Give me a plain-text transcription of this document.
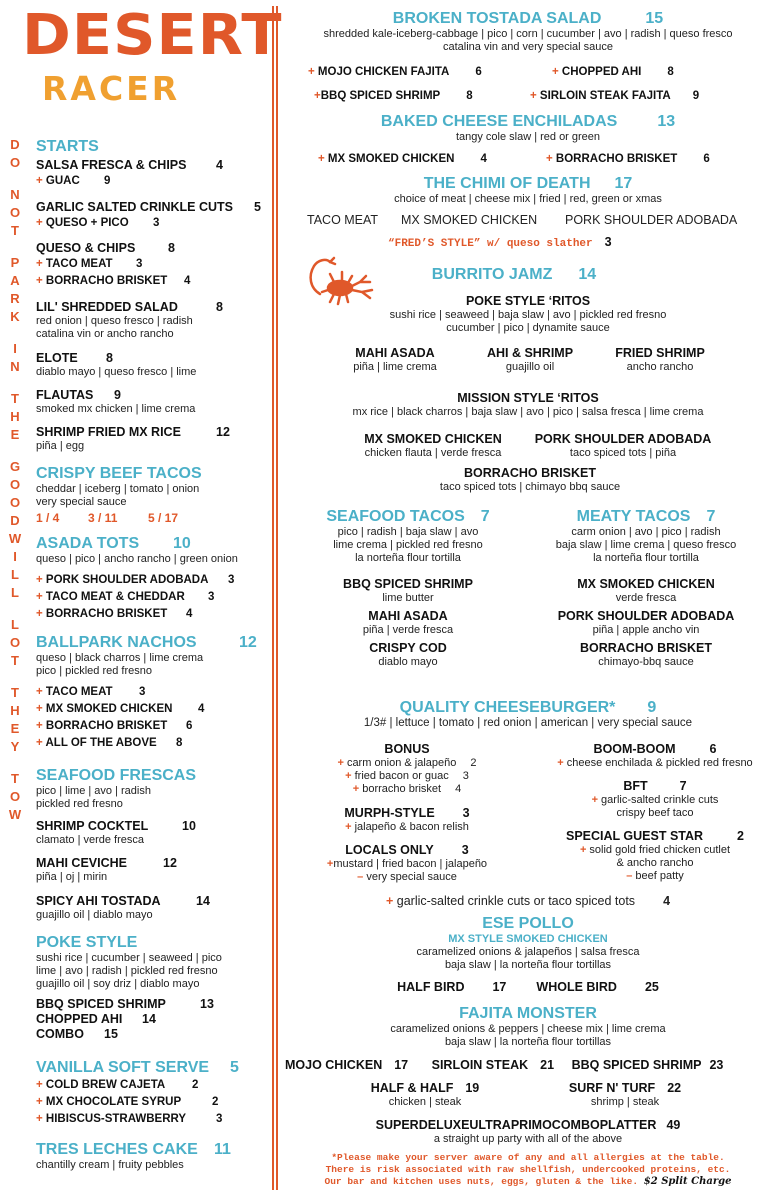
DESERT
RACER
D
O
N
O
T
P
A
R
K
I
N
T
H
E
G
O
O
D
W
I
L
L
L
O
T
T
H
E
Y
T
O
W
STARTS
SALSA FRESCA & CHIPS 4
+ GUAC 9
GARLIC SALTED CRINKLE CUTS 5
+ QUESO + PICO 3
QUESO & CHIPS	8
+ TACO MEAT 3
+ BORRACHO BRISKET 4
LIL' SHREDDED SALAD	8
red onion | queso fresco | radish
catalina vin or ancho rancho
ELOTE 8
diablo mayo | queso fresco | lime
FLAUTAS 9
smoked mx chicken | lime crema
SHRIMP FRIED MX RICE	12
piña | egg
CRISPY BEEF TACOS
cheddar | iceberg | tomato | onion
very special sauce
1 / 4 3 / 11	5 / 17
ASADA TOTS 10
queso | pico | ancho rancho | green onion
+ PORK SHOULDER ADOBADA 3
+ TACO MEAT & CHEDDAR 3
+ BORRACHO BRISKET 4
BALLPARK NACHOS	12
queso | black charros | lime crema
pico | pickled red fresno
+ TACO MEAT 3
+ MX SMOKED CHICKEN 4
+ BORRACHO BRISKET 6
+ ALL OF THE ABOVE 8
SEAFOOD FRESCAS
pico | lime | avo | radish
pickled red fresno
SHRIMP COCKTEL	10
clamato | verde fresca
MAHI CEVICHE	12
piña | oj | mirin
SPICY AHI TOSTADA	14
guajillo oil | diablo mayo
POKE STYLE
sushi rice | cucumber | seaweed | pico
lime | avo | radish | pickled red fresno
guajillo oil | soy driz | diablo mayo
BBQ SPICED SHRIMP	13
CHOPPED AHI 14
COMBO 15
VANILLA SOFT SERVE 5
+ COLD BREW CAJETA 2
+ MX CHOCOLATE SYRUP	2
+ HIBISCUS-STRAWBERRY	3
TRES LECHES CAKE 11
chantilly cream | fruity pebbles
BROKEN TOSTADA SALAD	15
shredded kale-iceberg-cabbage | pico | corn | cucumber | avo | radish | queso fresco
catalina vin and very special sauce
+ MOJO CHICKEN FAJITA 6	+ CHOPPED AHI 8
+BBQ SPICED SHRIMP 8	+ SIRLOIN STEAK FAJITA 9
BAKED CHEESE ENCHILADAS	13
tangy cole slaw | red or green
+ MX SMOKED CHICKEN 4	+ BORRACHO BRISKET 6
THE CHIMI OF DEATH 17
choice of meat | cheese mix | fried | red, green or xmas
TACO MEAT MX SMOKED CHICKEN PORK SHOULDER ADOBADA
“FRED’S STYLE” w/ queso slather 3
BURRITO JAMZ 14
POKE STYLE ‘RITOS
sushi rice | seaweed | baja slaw | avo | pickled red fresno
cucumber | pico | dynamite sauce
MAHI ASADA
piña | lime crema
AHI & SHRIMP
guajillo oil
FRIED SHRIMP
ancho rancho
MISSION STYLE ‘RITOS
mx rice | black charros | baja slaw | avo | pico | salsa fresca | lime crema
MX SMOKED CHICKEN
chicken flauta | verde fresca
PORK SHOULDER ADOBADA
taco spiced tots | piña
BORRACHO BRISKET
taco spiced tots | chimayo bbq sauce
SEAFOOD TACOS 7
pico | radish | baja slaw | avo
lime crema | pickled red fresno
la norteña flour tortilla
BBQ SPICED SHRIMP
lime butter
MAHI ASADA
piña | verde fresca
CRISPY COD
diablo mayo
MEATY TACOS 7
carm onion | avo | pico | radish
baja slaw | lime crema | queso fresco
la norteña flour tortilla
MX SMOKED CHICKEN
verde fresca
PORK SHOULDER ADOBADA
piña | apple ancho vin
BORRACHO BRISKET
chimayo-bbq sauce
QUALITY CHEESEBURGER* 9
1/3# | lettuce | tomato | red onion | american | very special sauce
BONUS
+ carm onion & jalapeño 2
+ fried bacon or guac 3
+ borracho brisket 4
MURPH-STYLE 3
+ jalapeño & bacon relish
LOCALS ONLY 3
+mustard | fried bacon | jalapeño
– very special sauce
BOOM-BOOM	6
+ cheese enchilada & pickled red fresno
BFT	7
+ garlic-salted crinkle cuts
crispy beef taco
SPECIAL GUEST STAR	2
+ solid gold fried chicken cutlet
& ancho rancho
– beef patty
+ garlic-salted crinkle cuts or taco spiced tots 4
ESE POLLO
MX STYLE SMOKED CHICKEN
caramelized onions & jalapeños | salsa fresca
baja slaw | la norteña flour tortillas
HALF BIRD 17 WHOLE BIRD 25
FAJITA MONSTER
caramelized onions & peppers | cheese mix | lime crema
baja slaw | la norteña flour tortillas
MOJO CHICKEN 17 SIRLOIN STEAK 21 BBQ SPICED SHRIMP 23
HALF & HALF 19
chicken | steak
SURF N' TURF 22
shrimp | steak
SUPERDELUXEULTRAPRIMOCOMBOPLATTER 49
a straight up party with all of the above
*Please make your server aware of any and all allergies at the table.
There is risk associated with raw shellfish, undercooked proteins, etc.
Our bar and kitchen uses nuts, eggs, gluten & the like. $2 Split Charge
